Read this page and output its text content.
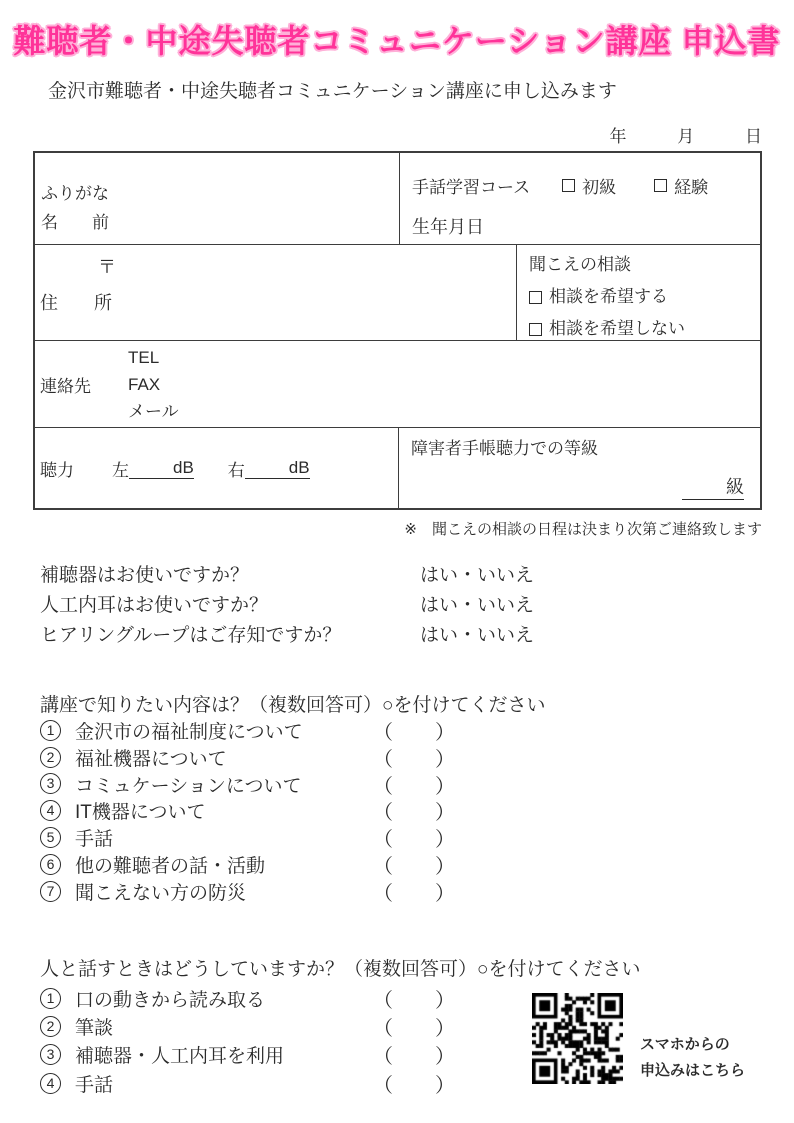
難聴者・中途失聴者コミュニケーション講座 申込書
金沢市難聴者・中途失聴者コミュニケーション講座に申し込みます
年	月	日
ふりがな
名　　前
手話学習コース	初級	経験
生年月日
〒
住　　所
聞こえの相談
相談を希望する
相談を希望しない
連絡先
TEL
FAX
メール
聴力 左	dB 右	dB
障害者手帳聴力での等級
級
※　聞こえの相談の日程は決まり次第ご連絡致します
補聴器はお使いですか？	はい・いいえ
人工内耳はお使いですか？	はい・いいえ
ヒアリングループはご存知ですか？	はい・いいえ
講座で知りたい内容は？（複数回答可）○を付けてください
1	金沢市の福祉制度について	（ ）
2	福祉機器について	（ ）
3	コミュケーションについて	（ ）
4	IT機器について	（ ）
5	手話	（ ）
6	他の難聴者の話・活動	（ ）
7	聞こえない方の防災	（ ）
人と話すときはどうしていますか？（複数回答可）○を付けてください
1	口の動きから読み取る	（ ）
2	筆談	（ ）
3	補聴器・人工内耳を利用	（ ）
4	手話	（ ）
スマホからの
申込みはこちら
